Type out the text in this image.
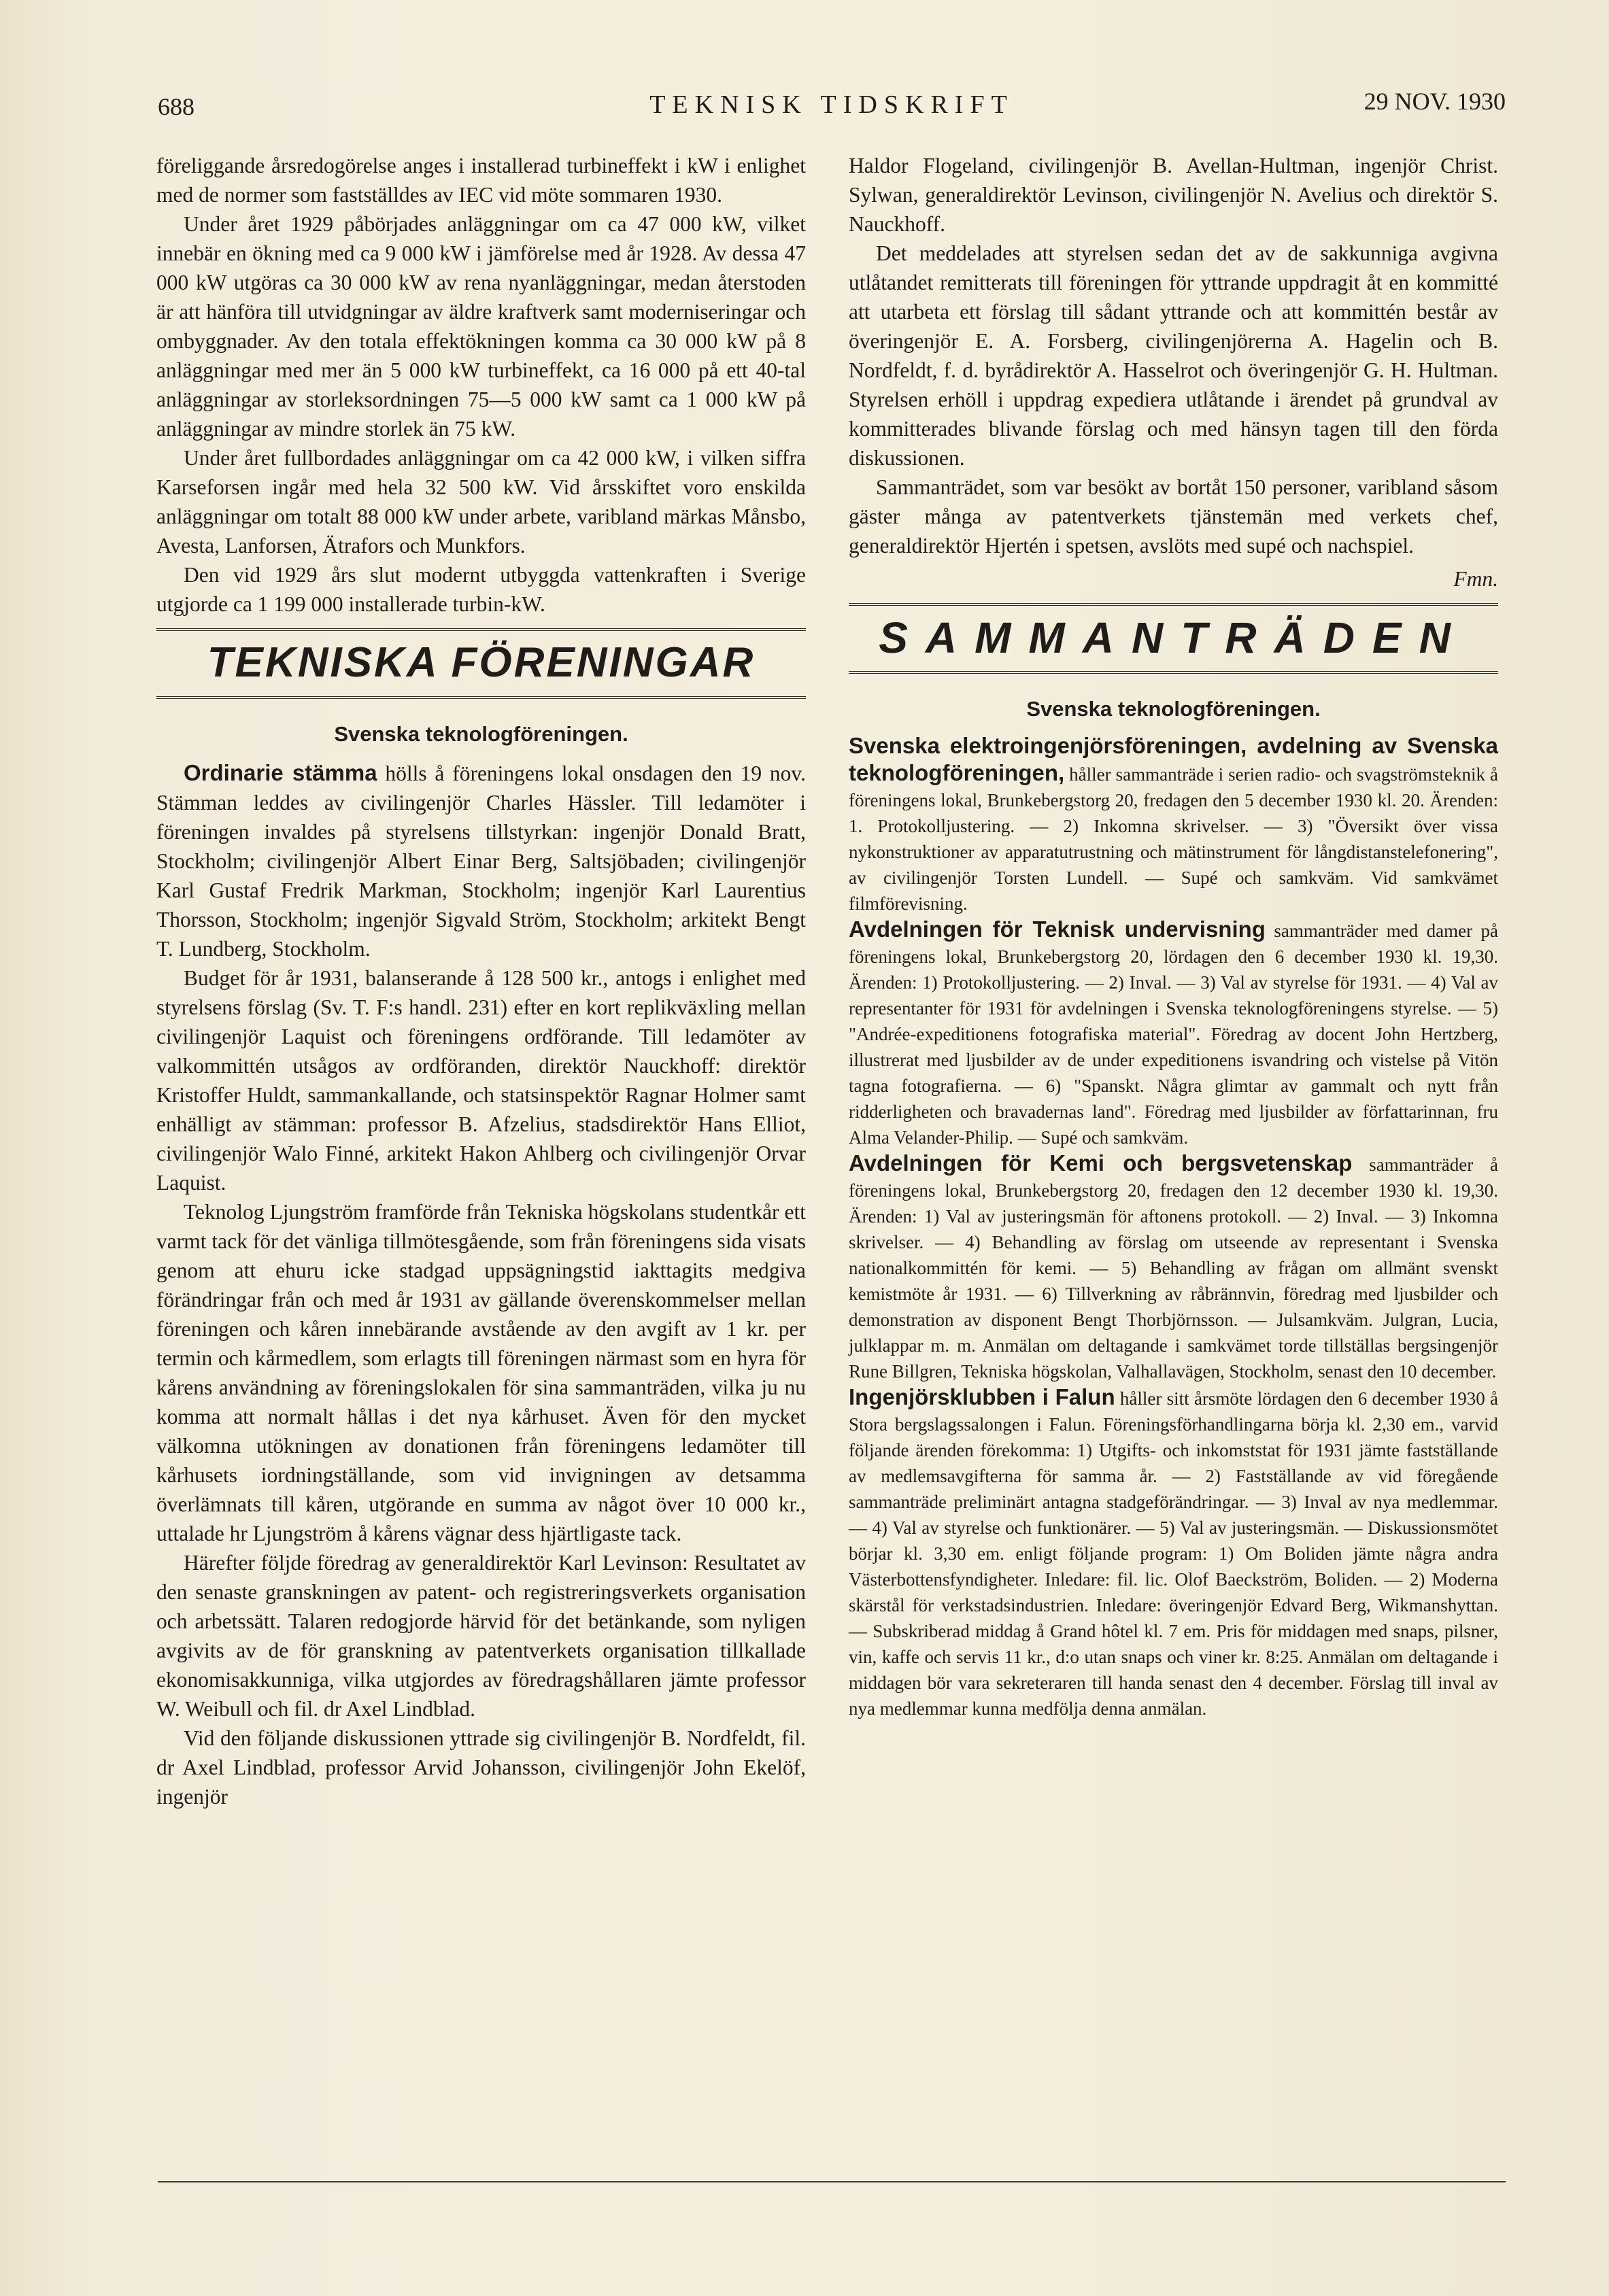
688	TEKNISK TIDSKRIFT	29 NOV. 1930

föreliggande årsredogörelse anges i installerad turbineffekt i kW i enlighet med de normer som fastställdes av IEC vid möte sommaren 1930.

Under året 1929 påbörjades anläggningar om ca 47 000 kW, vilket innebär en ökning med ca 9 000 kW i jämförelse med år 1928. Av dessa 47 000 kW utgöras ca 30 000 kW av rena nyanläggningar, medan återstoden är att hänföra till utvidgningar av äldre kraftverk samt moderniseringar och ombyggnader. Av den totala effektökningen komma ca 30 000 kW på 8 anläggningar med mer än 5 000 kW turbineffekt, ca 16 000 på ett 40-tal anläggningar av storleksordningen 75—5 000 kW samt ca 1 000 kW på anläggningar av mindre storlek än 75 kW.

Under året fullbordades anläggningar om ca 42 000 kW, i vilken siffra Karseforsen ingår med hela 32 500 kW. Vid årsskiftet voro enskilda anläggningar om totalt 88 000 kW under arbete, varibland märkas Månsbo, Avesta, Lanforsen, Ätrafors och Munkfors.

Den vid 1929 års slut modernt utbyggda vattenkraften i Sverige utgjorde ca 1 199 000 installerade turbin-kW.

TEKNISKA FÖRENINGAR
Svenska teknologföreningen.

Ordinarie stämma hölls å föreningens lokal onsdagen den 19 nov. Stämman leddes av civilingenjör Charles Hässler. Till ledamöter i föreningen invaldes på styrelsens tillstyrkan: ingenjör Donald Bratt, Stockholm; civilingenjör Albert Einar Berg, Saltsjöbaden; civilingenjör Karl Gustaf Fredrik Markman, Stockholm; ingenjör Karl Laurentius Thorsson, Stockholm; ingenjör Sigvald Ström, Stockholm; arkitekt Bengt T. Lundberg, Stockholm.

Budget för år 1931, balanserande å 128 500 kr., antogs i enlighet med styrelsens förslag (Sv. T. F:s handl. 231) efter en kort replikväxling mellan civilingenjör Laquist och föreningens ordförande. Till ledamöter av valkommittén utsågos av ordföranden, direktör Nauckhoff: direktör Kristoffer Huldt, sammankallande, och statsinspektör Ragnar Holmer samt enhälligt av stämman: professor B. Afzelius, stadsdirektör Hans Elliot, civilingenjör Walo Finné, arkitekt Hakon Ahlberg och civilingenjör Orvar Laquist.

Teknolog Ljungström framförde från Tekniska högskolans studentkår ett varmt tack för det vänliga tillmötesgående, som från föreningens sida visats genom att ehuru icke stadgad uppsägningstid iakttagits medgiva förändringar från och med år 1931 av gällande överenskommelser mellan föreningen och kåren innebärande avstående av den avgift av 1 kr. per termin och kårmedlem, som erlagts till föreningen närmast som en hyra för kårens användning av föreningslokalen för sina sammanträden, vilka ju nu komma att normalt hållas i det nya kårhuset. Även för den mycket välkomna utökningen av donationen från föreningens ledamöter till kårhusets iordningställande, som vid invigningen av detsamma överlämnats till kåren, utgörande en summa av något över 10 000 kr., uttalade hr Ljungström å kårens vägnar dess hjärtligaste tack.

Härefter följde föredrag av generaldirektör Karl Levinson: Resultatet av den senaste granskningen av patent- och registreringsverkets organisation och arbetssätt. Talaren redogjorde härvid för det betänkande, som nyligen avgivits av de för granskning av patentverkets organisation tillkallade ekonomisakkunniga, vilka utgjordes av föredragshållaren jämte professor W. Weibull och fil. dr Axel Lindblad.

Vid den följande diskussionen yttrade sig civilingenjör B. Nordfeldt, fil. dr Axel Lindblad, professor Arvid Johansson, civilingenjör John Ekelöf, ingenjör

Haldor Flogeland, civilingenjör B. Avellan-Hultman, ingenjör Christ. Sylwan, generaldirektör Levinson, civilingenjör N. Avelius och direktör S. Nauckhoff.

Det meddelades att styrelsen sedan det av de sakkunniga avgivna utlåtandet remitterats till föreningen för yttrande uppdragit åt en kommitté att utarbeta ett förslag till sådant yttrande och att kommittén består av överingenjör E. A. Forsberg, civilingenjörerna A. Hagelin och B. Nordfeldt, f. d. byrådirektör A. Hasselrot och överingenjör G. H. Hultman. Styrelsen erhöll i uppdrag expediera utlåtande i ärendet på grundval av kommitterades blivande förslag och med hänsyn tagen till den förda diskussionen.

Sammanträdet, som var besökt av bortåt 150 personer, varibland såsom gäster många av patentverkets tjänstemän med verkets chef, generaldirektör Hjertén i spetsen, avslöts med supé och nachspiel.

Fmn.
SAMMANTRÄDEN
Svenska teknologföreningen.

Svenska elektroingenjörsföreningen, avdelning av Svenska teknologföreningen, håller sammanträde i serien radio- och svagströmsteknik å föreningens lokal, Brunkebergstorg 20, fredagen den 5 december 1930 kl. 20. Ärenden: 1. Protokolljustering. — 2) Inkomna skrivelser. — 3) "Översikt över vissa nykonstruktioner av apparatutrustning och mätinstrument för långdistanstelefonering", av civilingenjör Torsten Lundell. — Supé och samkväm. Vid samkvämet filmförevisning.

Avdelningen för Teknisk undervisning sammanträder med damer på föreningens lokal, Brunkebergstorg 20, lördagen den 6 december 1930 kl. 19,30. Ärenden: 1) Protokolljustering. — 2) Inval. — 3) Val av styrelse för 1931. — 4) Val av representanter för 1931 för avdelningen i Svenska teknologföreningens styrelse. — 5) "Andrée-expeditionens fotografiska material". Föredrag av docent John Hertzberg, illustrerat med ljusbilder av de under expeditionens isvandring och vistelse på Vitön tagna fotografierna. — 6) "Spanskt. Några glimtar av gammalt och nytt från ridderligheten och bravadernas land". Föredrag med ljusbilder av författarinnan, fru Alma Velander-Philip. — Supé och samkväm.

Avdelningen för Kemi och bergsvetenskap sammanträder å föreningens lokal, Brunkebergstorg 20, fredagen den 12 december 1930 kl. 19,30. Ärenden: 1) Val av justeringsmän för aftonens protokoll. — 2) Inval. — 3) Inkomna skrivelser. — 4) Behandling av förslag om utseende av representant i Svenska nationalkommittén för kemi. — 5) Behandling av frågan om allmänt svenskt kemistmöte år 1931. — 6) Tillverkning av råbrännvin, föredrag med ljusbilder och demonstration av disponent Bengt Thorbjörnsson. — Julsamkväm. Julgran, Lucia, julklappar m. m. Anmälan om deltagande i samkvämet torde tillställas bergsingenjör Rune Billgren, Tekniska högskolan, Valhallavägen, Stockholm, senast den 10 december.

Ingenjörsklubben i Falun håller sitt årsmöte lördagen den 6 december 1930 å Stora bergslagssalongen i Falun. Föreningsförhandlingarna börja kl. 2,30 em., varvid följande ärenden förekomma: 1) Utgifts- och inkomststat för 1931 jämte fastställande av medlemsavgifterna för samma år. — 2) Fastställande av vid föregående sammanträde preliminärt antagna stadgeförändringar. — 3) Inval av nya medlemmar. — 4) Val av styrelse och funktionärer. — 5) Val av justeringsmän. — Diskussionsmötet börjar kl. 3,30 em. enligt följande program: 1) Om Boliden jämte några andra Västerbottensfyndigheter. Inledare: fil. lic. Olof Baeckström, Boliden. — 2) Moderna skärstål för verkstadsindustrien. Inledare: överingenjör Edvard Berg, Wikmanshyttan. — Subskriberad middag å Grand hôtel kl. 7 em. Pris för middagen med snaps, pilsner, vin, kaffe och servis 11 kr., d:o utan snaps och viner kr. 8:25. Anmälan om deltagande i middagen bör vara sekreteraren till handa senast den 4 december. Förslag till inval av nya medlemmar kunna medfölja denna anmälan.
